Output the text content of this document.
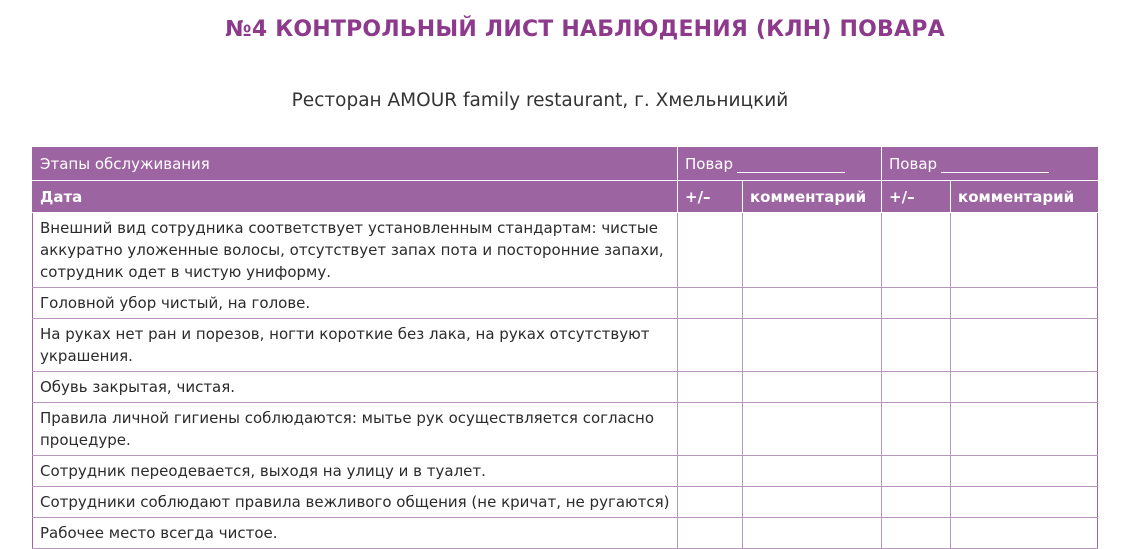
№4 КОНТРОЛЬНЫЙ ЛИСТ НАБЛЮДЕНИЯ (КЛН) ПОВАРА
Ресторан AMOUR family restaurant, г. Хмельницкий
Этапы обслуживания	Повар		Повар	
Дата	+/–	комментарий	+/–	комментарий
Внешний вид сотрудника соответствует установленным стандартам: чистые аккуратно уложенные волосы, отсутствует запах пота и посторонние запахи, сотрудник одет в чистую униформу.				
Головной убор чистый, на голове.				
На руках нет ран и порезов, ногти короткие без лака, на руках отсутствуют украшения.				
Обувь закрытая, чистая.				
Правила личной гигиены соблюдаются: мытье рук осуществляется согласно процедуре.				
Сотрудник переодевается, выходя на улицу и в туалет.				
Сотрудники соблюдают правила вежливого общения (не кричат, не ругаются)				
Рабочее место всегда чистое.				
